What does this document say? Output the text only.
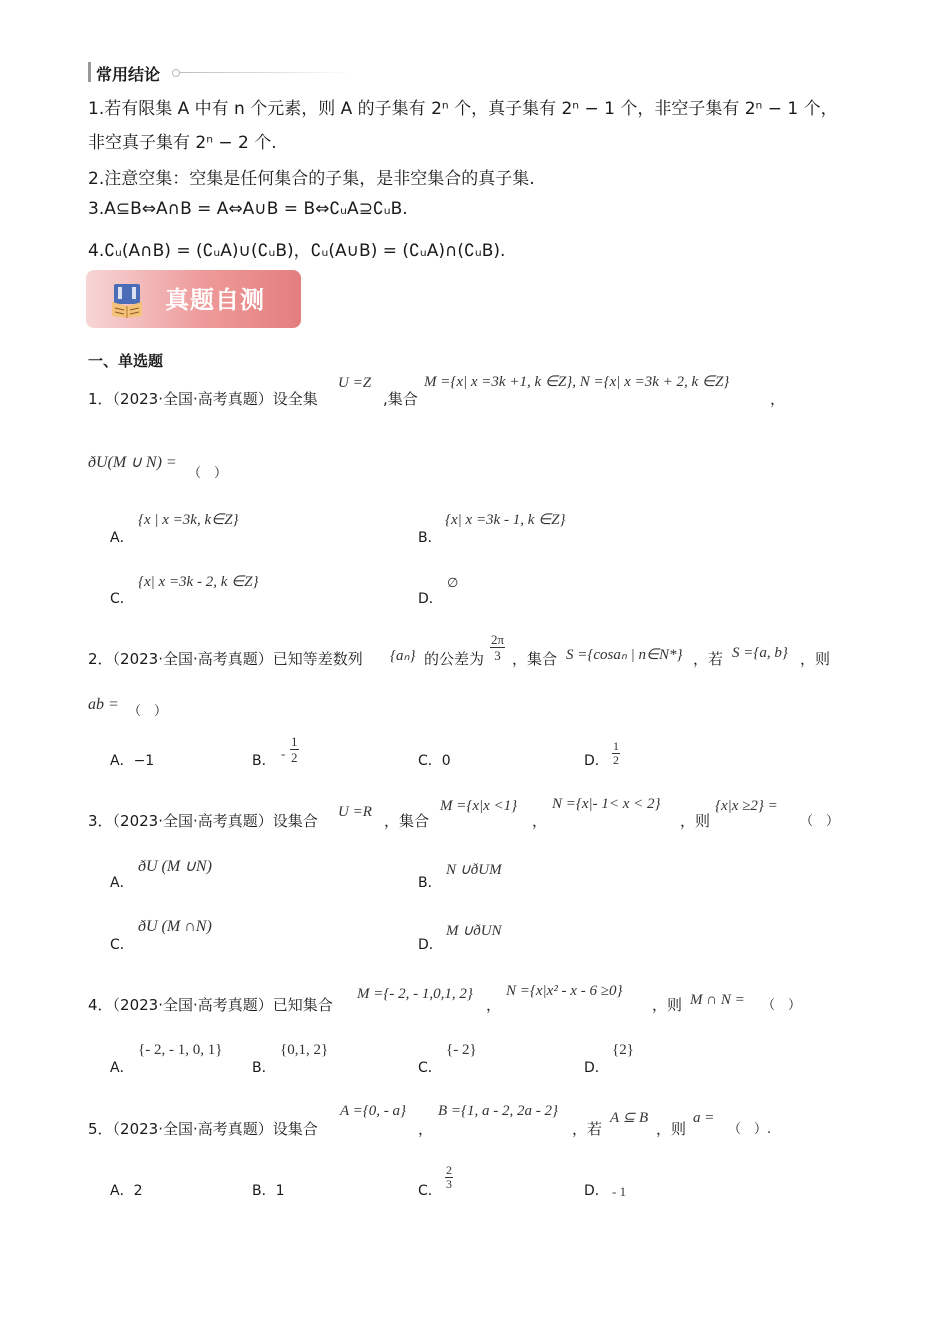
常用结论
1.若有限集 A 中有 n 个元素，则 A 的子集有 2ⁿ 个，真子集有 2ⁿ − 1 个，非空子集有 2ⁿ − 1 个，
非空真子集有 2ⁿ − 2 个.
2.注意空集：空集是任何集合的子集，是非空集合的真子集.
3.A⊆B⇔A∩B = A⇔A∪B = B⇔∁ᵤA⊇∁ᵤB.
4.∁ᵤ(A∩B) = (∁ᵤA)∪(∁ᵤB)，∁ᵤ(A∪B) = (∁ᵤA)∩(∁ᵤB).
真题自测
一、单选题
1．（2023·全国·高考真题）设全集
U =Z
,集合
M ={x| x =3k +1, k ∈Z}, N ={x| x =3k + 2, k ∈Z}
，
ðU(M ∪ N) =
（　）
A．
{x | x =3k, k∈Z}
B．
{x| x =3k - 1, k ∈Z}
C．
{x| x =3k - 2, k ∈Z}
D．
∅
2．（2023·全国·高考真题）已知等差数列 {aₙ} 的公差为 $\frac{2\pi}{3}$ ，集合 S ={cosaₙ | n∈N*} ，若 S ={a, b} ，则
ab = （　）
A．−1	B． - $\frac{1}{2}$	C．0	D． $\frac{1}{2}$
3．（2023·全国·高考真题）设集合 U =R ，集合
M ={x|x <1}
，
N ={x|- 1< x < 2}
，则
{x|x ≥2} =
（　）
A．
ðU (M ∪N)
B．
N ∪ðUM
C．
ðU (M ∩N)
D．
M ∪ðUN
4．（2023·全国·高考真题）已知集合
M ={- 2, - 1,0,1, 2}
，
N ={x|x² - x - 6 ≥0}
，则 M ∩ N = （　）
A．
{- 2, - 1, 0, 1}
B．
{0,1, 2}
C．
{- 2}
D．
{2}
5．（2023·全国·高考真题）设集合
A ={0, - a}
，
B ={1, a - 2, 2a - 2}
，若
A ⊆ B
，则
a =
（　）.
A．2	B．1	C． $\frac{2}{3}$	D． - 1
